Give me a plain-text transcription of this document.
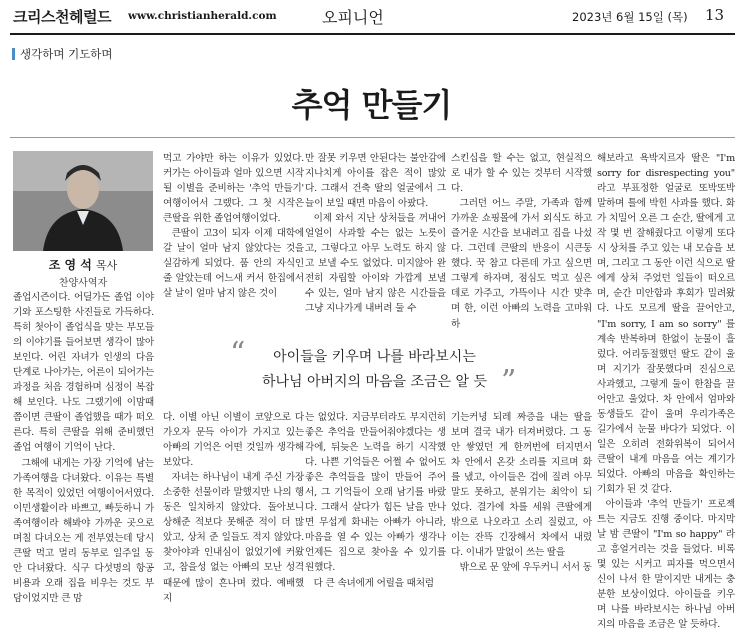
크리스천헤럴드 www.christianherald.com	오피니언	2023년 6월 15일 (목) 13
생각하며 기도하며
추억 만들기
조 영 석 목사
찬양사역자

졸업시즌이다. 어딜가든 졸업 이야기와 포스팅한 사진들로 가득하다. 특히 첫아이 졸업식을 맞는 부모들의 이야기를 들어보면 생각이 많아 보인다. 어린 자녀가 인생의 다음 단계로 나아가는, 어른이 되어가는 과정을 처음 경험하며 심정이 복잡해 보인다. 나도 그랬기에 이맘때쯤이면 큰딸이 졸업했을 때가 떠오른다. 특히 큰딸을 위해 준비했던 졸업 여행이 기억이 난다.

그해에 내게는 가장 기억에 남는 가족여행을 다녀왔다. 이유는 특별한 목적이 있었던 여행이어서였다. 이민생활이라 바쁘고, 빠듯하니 가족여행이라 해봐야 가까운 곳으로 며칠 다녀오는 게 전부였는데 당시 큰딸 먹고 멀리 동부로 일주일 동안 다녀왔다. 식구 다섯명의 항공비용과 오래 집을 비우는 것도 부담이었지만 큰 맘

먹고 가야만 하는 이유가 있었다. 커가는 아이들과 얼마 있으면 시작될 이별을 준비하는 '추억 만들기' 여행이어서 그랬다. 그 첫 시작은 큰딸을 위한 졸업여행이었다.

큰딸이 고3이 되자 이제 대학에 갈 날이 얼마 남지 않았다는 것을 실감하게 되었다. 품 안의 자식인 줄 알았는데 어느새 커서 한집에서 살 날이 얼마 남지 않은 것이

다. 이별 아닌 이별이 코앞으로 다가오자 문득 아이가 가지고 있는 아빠의 기억은 어떤 것일까 생각해 보았다.

자녀는 하나님이 내게 주신 가장 소중한 선물이라 말했지만 나의 행동은 일치하지 않았다. 돌아보니 상해준 적보다 못해준 적이 더 많았고, 상처 준 일들도 적지 않았다. 찾아야과 인내심이 없었기에 커왔고, 참을성 없는 아빠의 모난 성격 때문에 많이 흔나며 컸다. 예배했지

만 잘못 키우면 안된다는 불안감에 지나치게 아이를 잡은 적이 많았다. 그래서 건축 딸의 얼굴에서 그늘이 보일 때면 마음이 아팠다.

이제 와서 지난 상처들을 꺼내어 얼얼이 사과할 수는 없는 노릇이고, 그렇다고 아무 노력도 하지 않고 보낼 수도 없었다. 미지않아 완전히 자립할 아이와 가깝게 보낼 수 있는, 얼마 남지 않은 시간들을 그냥 지나가게 내버려 둘 수

는 없었다. 지금부터라도 부지런히 좋은 추억을 만들어줘야겠다는 생각에, 뒤늦은 노력을 하기 시작했다. 나쁜 기억들은 어쩔 수 없어도 좋은 추억들을 많이 만들어 주어서, 그 기억들이 오래 남기를 바랐다. 그래서 살다가 힘든 날을 만나면 무섭게 화내는 아빠가 아니라, 마음을 열 수 있는 아빠가 생각나 언제든 집으로 찾아올 수 있기를 원했다.

다 큰 속녀에게 어릴을 때처럼

스킨십을 할 수는 없고, 현실적으로 내가 할 수 있는 것부터 시작했다.

그러던 어느 주말, 가족과 함께 가까운 쇼핑몰에 가서 외식도 하고 즐거운 시간을 보내려고 집을 나섰다. 그런데 큰딸의 반응이 시큰둥했다. 꾹 참고 다른데 가고 싶으면 그렇게 하자며, 점심도 먹고 싶은 데로 가주고, 가뜩이나 시간 맞추며 한, 이런 아빠의 노력을 고마워 하

기는커녕 되레 짜증을 내는 딸을 보며 결국 내가 터져버렸다. 그 동안 쌓였던 게 한꺼번에 터지면서 차 안에서 온갖 소리를 지르며 화를 냈고, 아이들은 겁에 질려 아무 말도 못하고, 분위기는 최악이 되었다. 결가에 차를 세워 큰딸에게 밖으로 나오라고 소리 질렀고, 아이는 잔뜩 긴장해서 차에서 내렸다. 이내가 말없이 쓰는 딸을

밖으로 문 앞에 우두커니 서서 동

해보라고 욕박지르자 딸은 "I'm sorry for disrespecting you" 라고 부표정한 얼굴로 또박또박 말하며 틀에 박힌 사과를 했다. 화가 치밀어 오른 그 순간, 딸에게 고작 몇 번 잘해줬다고 이렇게 또다시 상처를 주고 있는 내 모습을 보며, 그리고 그 동안 이런 식으로 딸에게 상처 주었던 일들이 떠오르며, 순간 미안함과 후회가 밀려왔다. 나도 모르게 딸을 끌어안고, "I'm sorry, I am so sorry" 를 계속 반복하며 한없이 눈물이 흘렀다. 어리둥절했던 딸도 같이 울며 지기가 잘못했다며 진심으로 사과했고, 그렇게 둘이 한참을 끌어안고 울었다. 차 안에서 엄마와 동생들도 같이 울며 우리가족은 길가에서 눈물 바다가 되었다. 이 일은 오히려 전화위복이 되어서 큰딸이 내게 마음을 여는 계기가 되었다. 아빠의 마음을 확인하는 기회가 된 것 같다.

아이들과 '추억 만들기' 프로젝트는 지금도 진행 중이다. 마지막 날 밤 큰딸이 "I'm so happy" 라고 흥얼거리는 것을 들었다. 비록 몇 있는 시커고 피자를 먹으면서 신이 나서 한 말이지만 내게는 충분한 보상이었다. 아이들을 키우며 나를 바라보시는 하나님 아버지의 마음을 조금은 알 듯하다.

아이들을 키우며 나를 바라보시는
하나님 아버지의 마음을 조금은 알 듯
“
”
